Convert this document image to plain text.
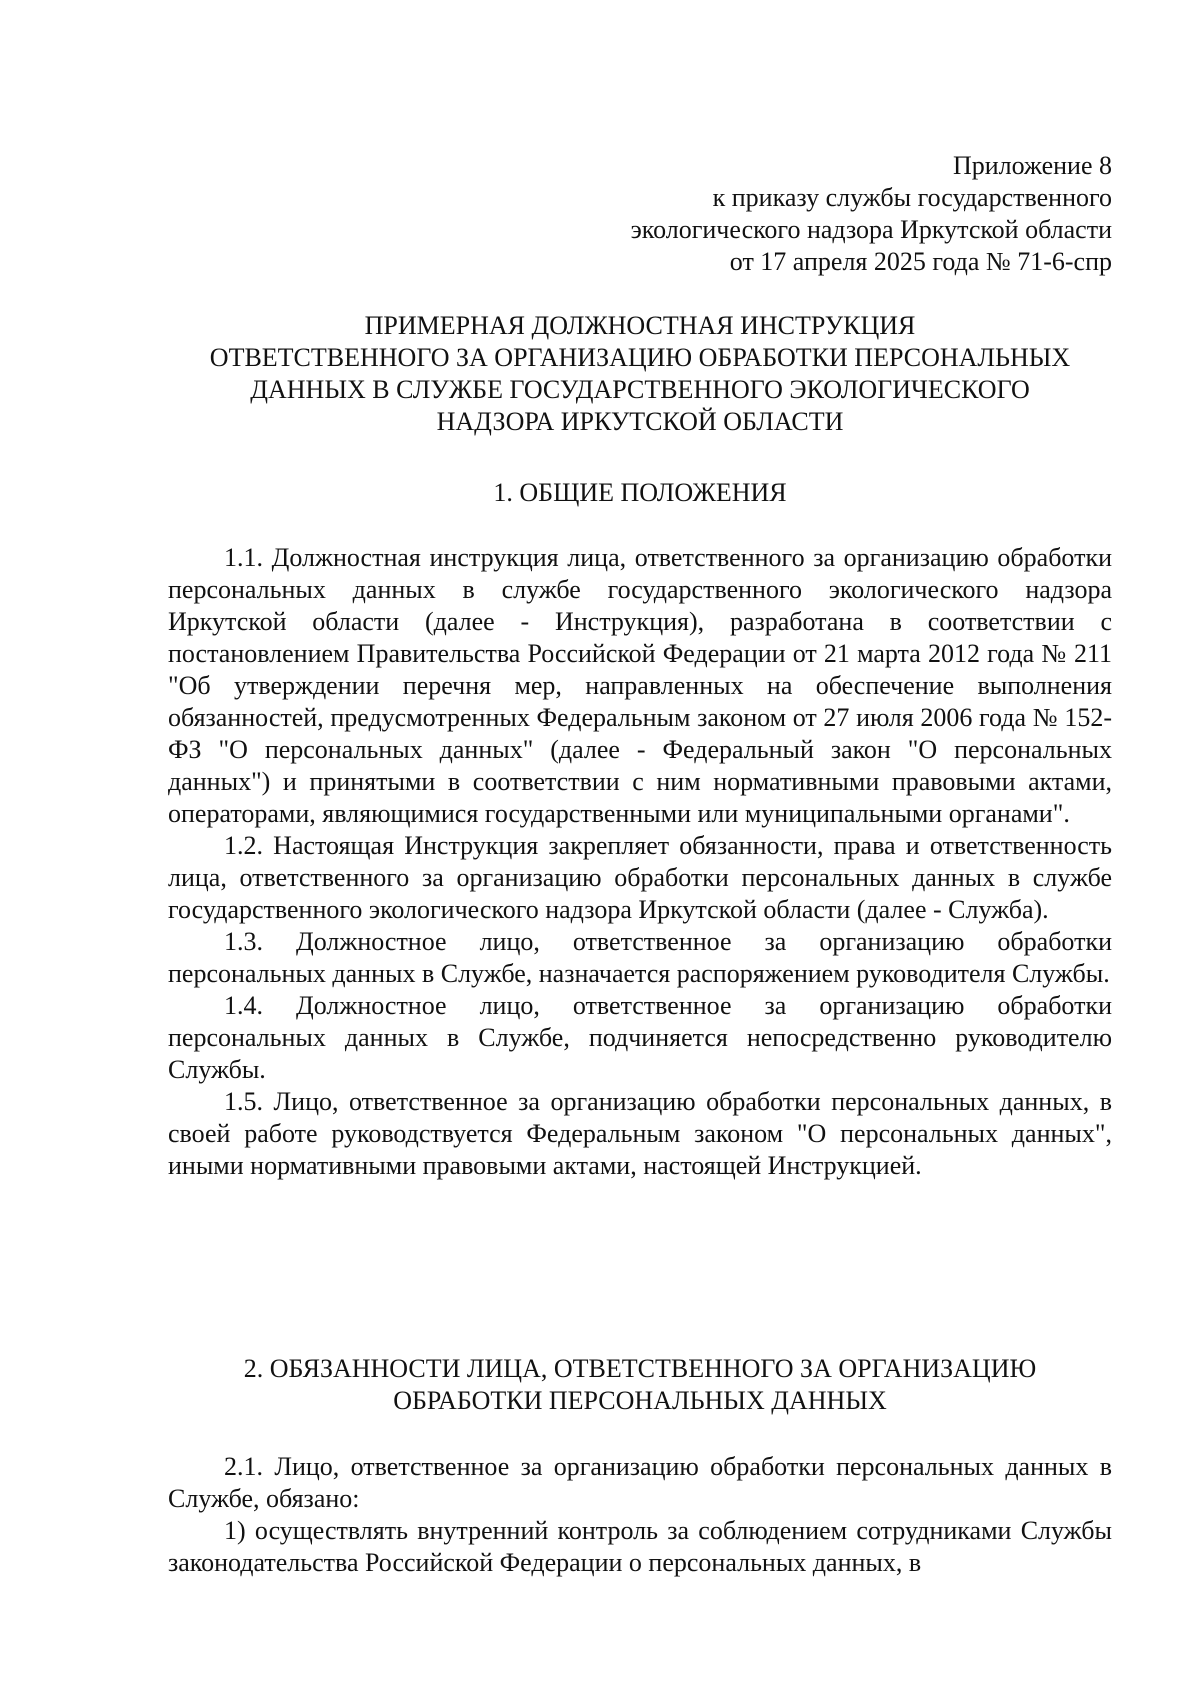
Приложение 8
к приказу службы государственного
экологического надзора Иркутской области
от 17 апреля 2025 года № 71-6-спр
ПРИМЕРНАЯ ДОЛЖНОСТНАЯ ИНСТРУКЦИЯ
ОТВЕТСТВЕННОГО ЗА ОРГАНИЗАЦИЮ ОБРАБОТКИ ПЕРСОНАЛЬНЫХ
ДАННЫХ В СЛУЖБЕ ГОСУДАРСТВЕННОГО ЭКОЛОГИЧЕСКОГО
НАДЗОРА ИРКУТСКОЙ ОБЛАСТИ
1. ОБЩИЕ ПОЛОЖЕНИЯ

1.1. Должностная инструкция лица, ответственного за организацию обработки персональных данных в службе государственного экологического надзора Иркутской области (далее - Инструкция), разработана в соответствии с постановлением Правительства Российской Федерации от 21 марта 2012 года № 211 "Об утверждении перечня мер, направленных на обеспечение выполнения обязанностей, предусмотренных Федеральным законом от 27 июля 2006 года № 152-ФЗ "О персональных данных" (далее - Федеральный закон "О персональных данных") и принятыми в соответствии с ним нормативными правовыми актами, операторами, являющимися государственными или муниципальными органами".

1.2. Настоящая Инструкция закрепляет обязанности, права и ответственность лица, ответственного за организацию обработки персональных данных в службе государственного экологического надзора Иркутской области (далее - Служба).

1.3. Должностное лицо, ответственное за организацию обработки персональных данных в Службе, назначается распоряжением руководителя Службы.

1.4. Должностное лицо, ответственное за организацию обработки персональных данных в Службе, подчиняется непосредственно руководителю Службы.

1.5. Лицо, ответственное за организацию обработки персональных данных, в своей работе руководствуется Федеральным законом "О персональных данных", иными нормативными правовыми актами, настоящей Инструкцией.

2. ОБЯЗАННОСТИ ЛИЦА, ОТВЕТСТВЕННОГО ЗА ОРГАНИЗАЦИЮ
ОБРАБОТКИ ПЕРСОНАЛЬНЫХ ДАННЫХ

2.1. Лицо, ответственное за организацию обработки персональных данных в Службе, обязано:

1) осуществлять внутренний контроль за соблюдением сотрудниками Службы законодательства Российской Федерации о персональных данных, в
